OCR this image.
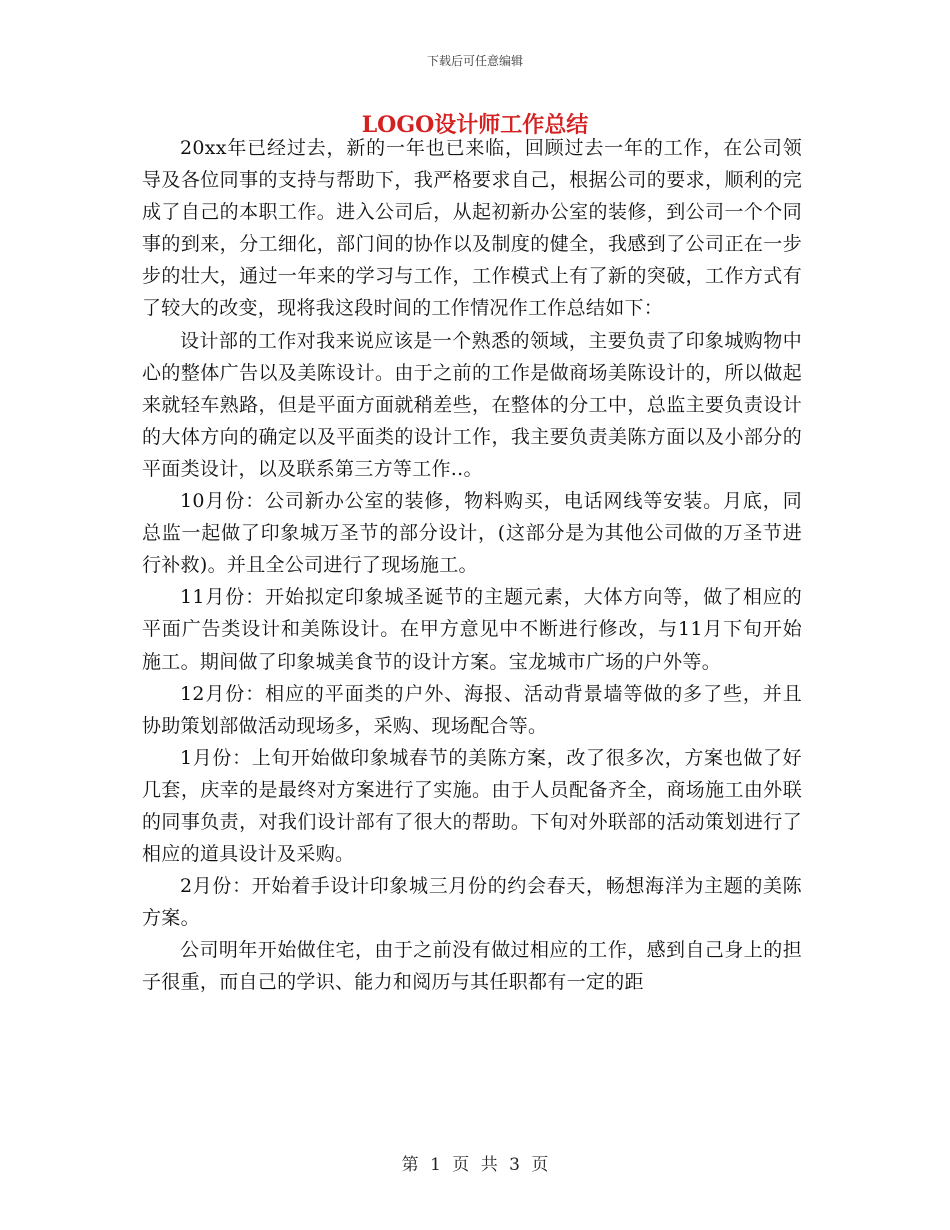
下载后可任意编辑
LOGO设计师工作总结

20xx年已经过去，新的一年也已来临，回顾过去一年的工作，在公司领导及各位同事的支持与帮助下，我严格要求自己，根据公司的要求，顺利的完成了自己的本职工作。进入公司后，从起初新办公室的装修，到公司一个个同事的到来，分工细化，部门间的协作以及制度的健全，我感到了公司正在一步步的壮大，通过一年来的学习与工作，工作模式上有了新的突破，工作方式有了较大的改变，现将我这段时间的工作情况作工作总结如下：

设计部的工作对我来说应该是一个熟悉的领域，主要负责了印象城购物中心的整体广告以及美陈设计。由于之前的工作是做商场美陈设计的，所以做起来就轻车熟路，但是平面方面就稍差些，在整体的分工中，总监主要负责设计的大体方向的确定以及平面类的设计工作，我主要负责美陈方面以及小部分的平面类设计，以及联系第三方等工作..。

10月份：公司新办公室的装修，物料购买，电话网线等安装。月底，同总监一起做了印象城万圣节的部分设计，(这部分是为其他公司做的万圣节进行补救)。并且全公司进行了现场施工。

11月份：开始拟定印象城圣诞节的主题元素，大体方向等，做了相应的平面广告类设计和美陈设计。在甲方意见中不断进行修改，与11月下旬开始施工。期间做了印象城美食节的设计方案。宝龙城市广场的户外等。

12月份：相应的平面类的户外、海报、活动背景墙等做的多了些，并且协助策划部做活动现场多，采购、现场配合等。

1月份：上旬开始做印象城春节的美陈方案，改了很多次，方案也做了好几套，庆幸的是最终对方案进行了实施。由于人员配备齐全，商场施工由外联的同事负责，对我们设计部有了很大的帮助。下旬对外联部的活动策划进行了相应的道具设计及采购。

2月份：开始着手设计印象城三月份的约会春天，畅想海洋为主题的美陈方案。

公司明年开始做住宅，由于之前没有做过相应的工作，感到自己身上的担子很重，而自己的学识、能力和阅历与其任职都有一定的距

第 1 页 共 3 页
